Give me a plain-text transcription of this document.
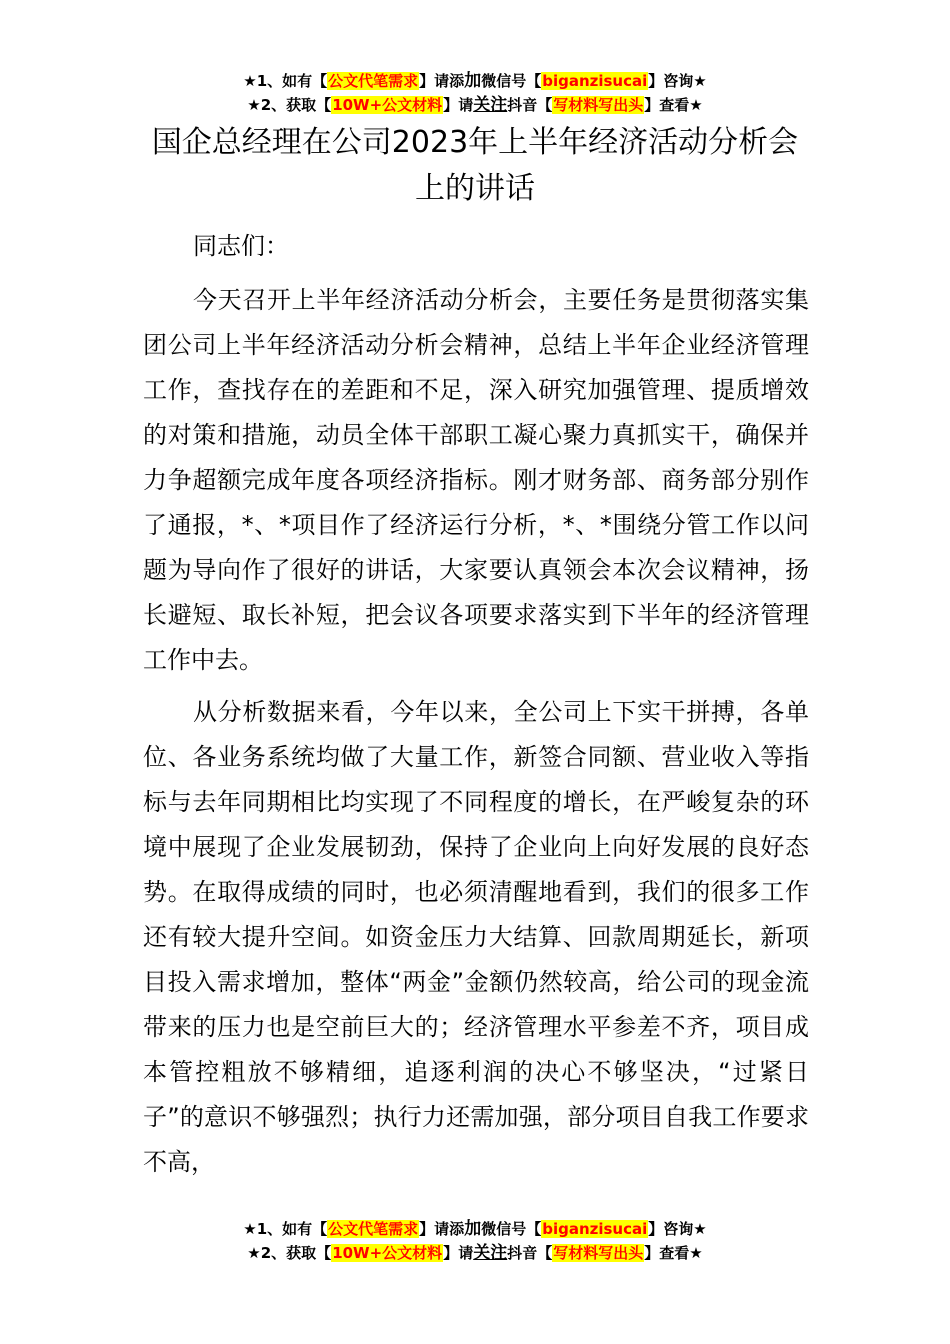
★1、如有【公文代笔需求】请添加微信号【biganzisucai】咨询★
★2、获取【10W+公文材料】请关注抖音【写材料写出头】查看★
国企总经理在公司2023年上半年经济活动分析会上的讲话

同志们：

今天召开上半年经济活动分析会，主要任务是贯彻落实集团公司上半年经济活动分析会精神，总结上半年企业经济管理工作，查找存在的差距和不足，深入研究加强管理、提质增效的对策和措施，动员全体干部职工凝心聚力真抓实干，确保并力争超额完成年度各项经济指标。刚才财务部、商务部分别作了通报，*、*项目作了经济运行分析，*、*围绕分管工作以问题为导向作了很好的讲话，大家要认真领会本次会议精神，扬长避短、取长补短，把会议各项要求落实到下半年的经济管理工作中去。

从分析数据来看，今年以来，全公司上下实干拼搏，各单位、各业务系统均做了大量工作，新签合同额、营业收入等指标与去年同期相比均实现了不同程度的增长，在严峻复杂的环境中展现了企业发展韧劲，保持了企业向上向好发展的良好态势。在取得成绩的同时，也必须清醒地看到，我们的很多工作还有较大提升空间。如资金压力大结算、回款周期延长，新项目投入需求增加，整体“两金”金额仍然较高，给公司的现金流带来的压力也是空前巨大的；经济管理水平参差不齐，项目成本管控粗放不够精细，追逐利润的决心不够坚决，“过紧日子”的意识不够强烈；执行力还需加强，部分项目自我工作要求不高，

★1、如有【公文代笔需求】请添加微信号【biganzisucai】咨询★
★2、获取【10W+公文材料】请关注抖音【写材料写出头】查看★
